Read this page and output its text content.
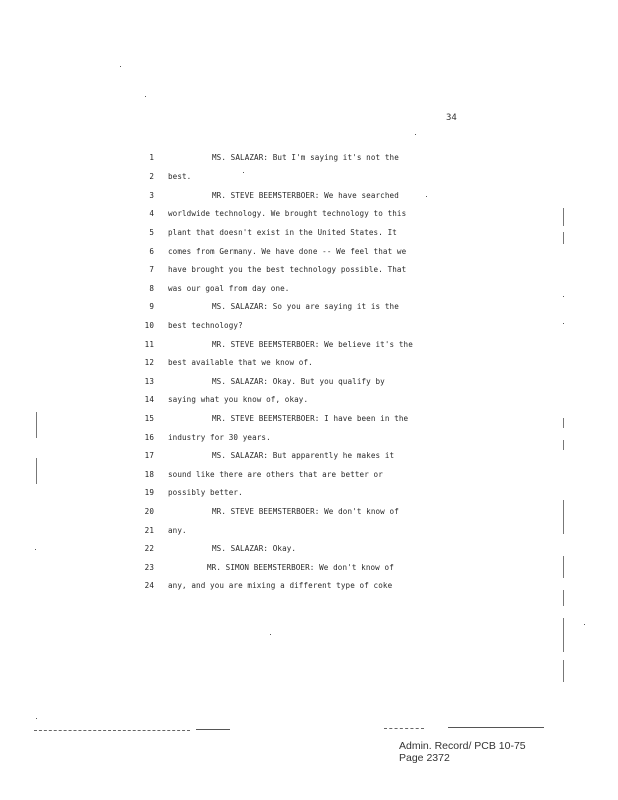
34
1	MS. SALAZAR: But I'm saying it's not the
2 best.
3	MR. STEVE BEEMSTERBOER: We have searched
4 worldwide technology. We brought technology to this
5 plant that doesn't exist in the United States. It
6 comes from Germany. We have done -- We feel that we
7 have brought you the best technology possible. That
8 was our goal from day one.
9	MS. SALAZAR: So you are saying it is the
10 best technology?
11	MR. STEVE BEEMSTERBOER: We believe it's the
12 best available that we know of.
13	MS. SALAZAR: Okay. But you qualify by
14 saying what you know of, okay.
15	MR. STEVE BEEMSTERBOER: I have been in the
16 industry for 30 years.
17	MS. SALAZAR: But apparently he makes it
18 sound like there are others that are better or
19 possibly better.
20	MR. STEVE BEEMSTERBOER: We don't know of
21 any.
22	MS. SALAZAR: Okay.
23	MR. SIMON BEEMSTERBOER: We don't know of
24 any, and you are mixing a different type of coke
Admin. Record/ PCB 10-75
Page 2372
